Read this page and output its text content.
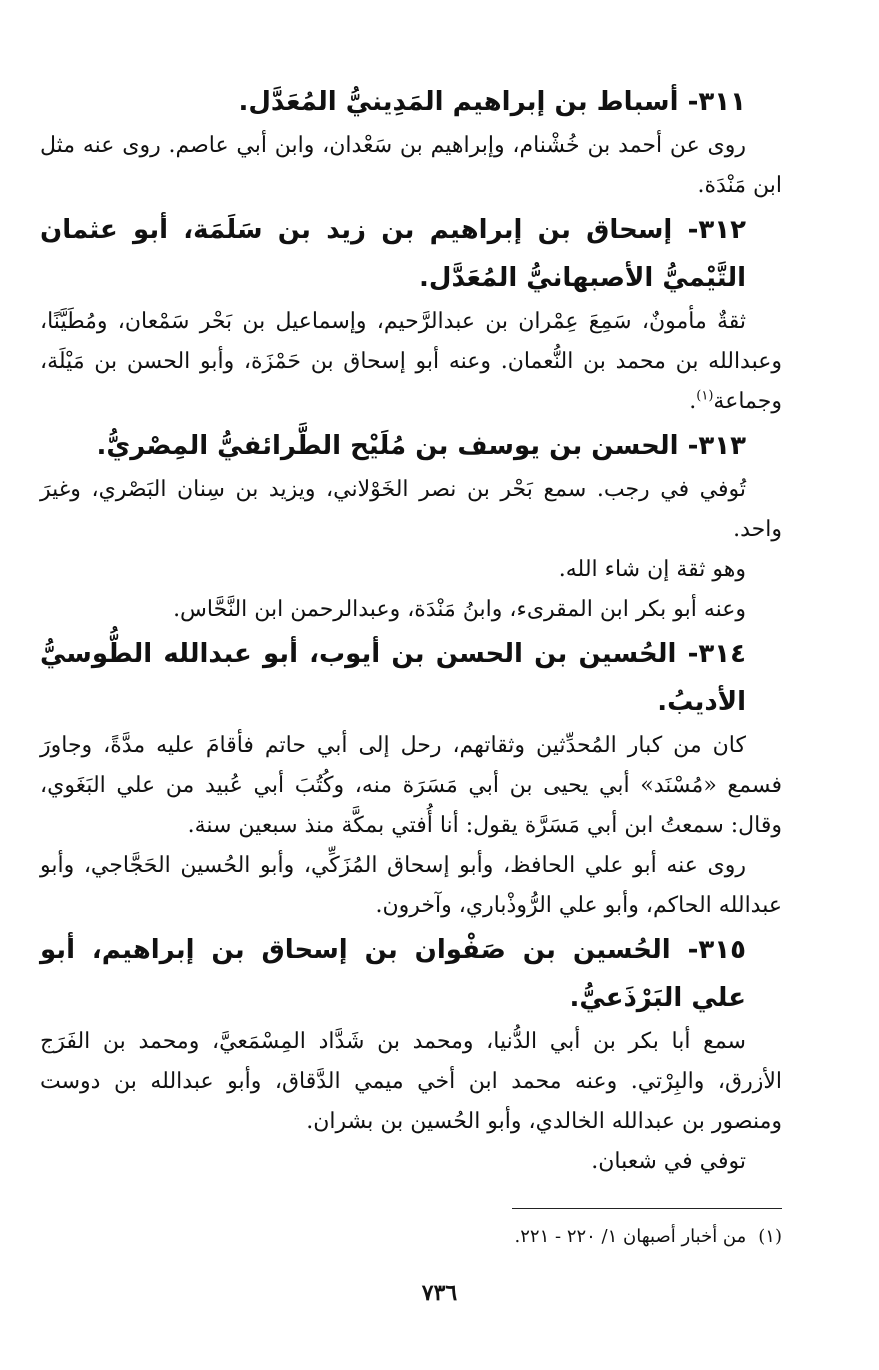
٣١١- أسباط بن إبراهيم المَدِينيُّ المُعَدَّل.

روى عن أحمد بن خُشْنام، وإبراهيم بن سَعْدان، وابن أبي عاصم. روى عنه مثل ابن مَنْدَة.

٣١٢- إسحاق بن إبراهيم بن زيد بن سَلَمَة، أبو عثمان التَّيْميُّ الأصبهانيُّ المُعَدَّل.

ثقةٌ مأمونٌ، سَمِعَ عِمْران بن عبدالرَّحيم، وإسماعيل بن بَحْر سَمْعان، ومُطَيَّنًا، وعبدالله بن محمد بن النُّعمان. وعنه أبو إسحاق بن حَمْزَة، وأبو الحسن بن مَيْلَة، وجماعة$^{(١)}$.

٣١٣- الحسن بن يوسف بن مُلَيْح الطَّرائفيُّ المِصْريُّ.

تُوفي في رجب. سمع بَحْر بن نصر الخَوْلاني، ويزيد بن سِنان البَصْري، وغيرَ واحد.

وهو ثقة إن شاء الله.

وعنه أبو بكر ابن المقرىء، وابنُ مَنْدَة، وعبدالرحمن ابن النَّحَّاس.

٣١٤- الحُسين بن الحسن بن أيوب، أبو عبدالله الطُّوسيُّ الأديبُ.

كان من كبار المُحدِّثين وثقاتهم، رحل إلى أبي حاتم فأقامَ عليه مدَّةً، وجاورَ فسمع «مُسْنَد» أبي يحيى بن أبي مَسَرَة منه، وكُتُبَ أبي عُبيد من علي البَغَوي، وقال: سمعتُ ابن أبي مَسَرَّة يقول: أنا أُفتي بمكَّة منذ سبعين سنة.

روى عنه أبو علي الحافظ، وأبو إسحاق المُزَكِّي، وأبو الحُسين الحَجَّاجي، وأبو عبدالله الحاكم، وأبو علي الرُّوذْباري، وآخرون.

٣١٥- الحُسين بن صَفْوان بن إسحاق بن إبراهيم، أبو علي البَرْذَعيُّ.

سمع أبا بكر بن أبي الدُّنيا، ومحمد بن شَدَّاد المِسْمَعيَّ، ومحمد بن الفَرَج الأزرق، والبِرْتي. وعنه محمد ابن أخي ميمي الدَّقاق، وأبو عبدالله بن دوست ومنصور بن عبدالله الخالدي، وأبو الحُسين بن بشران.

توفي في شعبان.

(١)من أخبار أصبهان ١/ ٢٢٠ - ٢٢١.
٧٣٦
